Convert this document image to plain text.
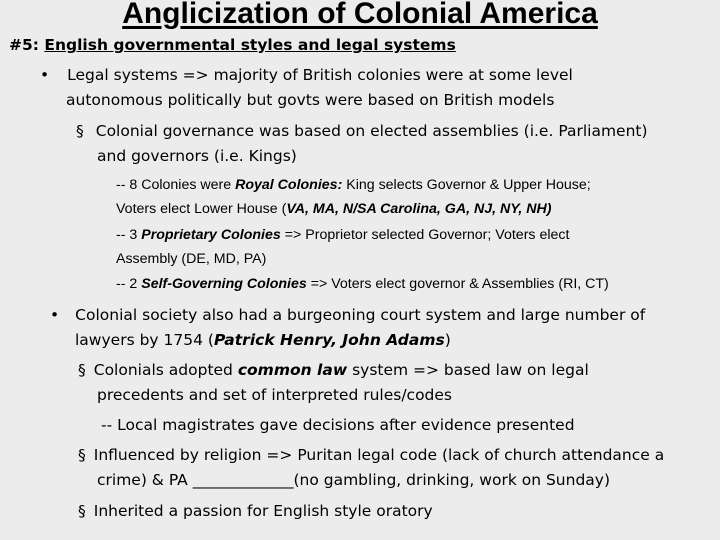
Anglicization of Colonial America
#5: English governmental styles and legal systems
• Legal systems => majority of British colonies were at some level
autonomous politically but govts were based on British models
§ Colonial governance was based on elected assemblies (i.e. Parliament)
and governors (i.e. Kings)
-- 8 Colonies were Royal Colonies: King selects Governor & Upper House;
Voters elect Lower House (VA, MA, N/SA Carolina, GA, NJ, NY, NH)
-- 3 Proprietary Colonies => Proprietor selected Governor; Voters elect
Assembly (DE, MD, PA)
-- 2 Self-Governing Colonies => Voters elect governor & Assemblies (RI, CT)
• Colonial society also had a burgeoning court system and large number of
lawyers by 1754 (Patrick Henry, John Adams)
§ Colonials adopted common law system => based law on legal
precedents and set of interpreted rules/codes
-- Local magistrates gave decisions after evidence presented
§ Influenced by religion => Puritan legal code (lack of church attendance a
crime) & PA _____________(no gambling, drinking, work on Sunday)
§ Inherited a passion for English style oratory
